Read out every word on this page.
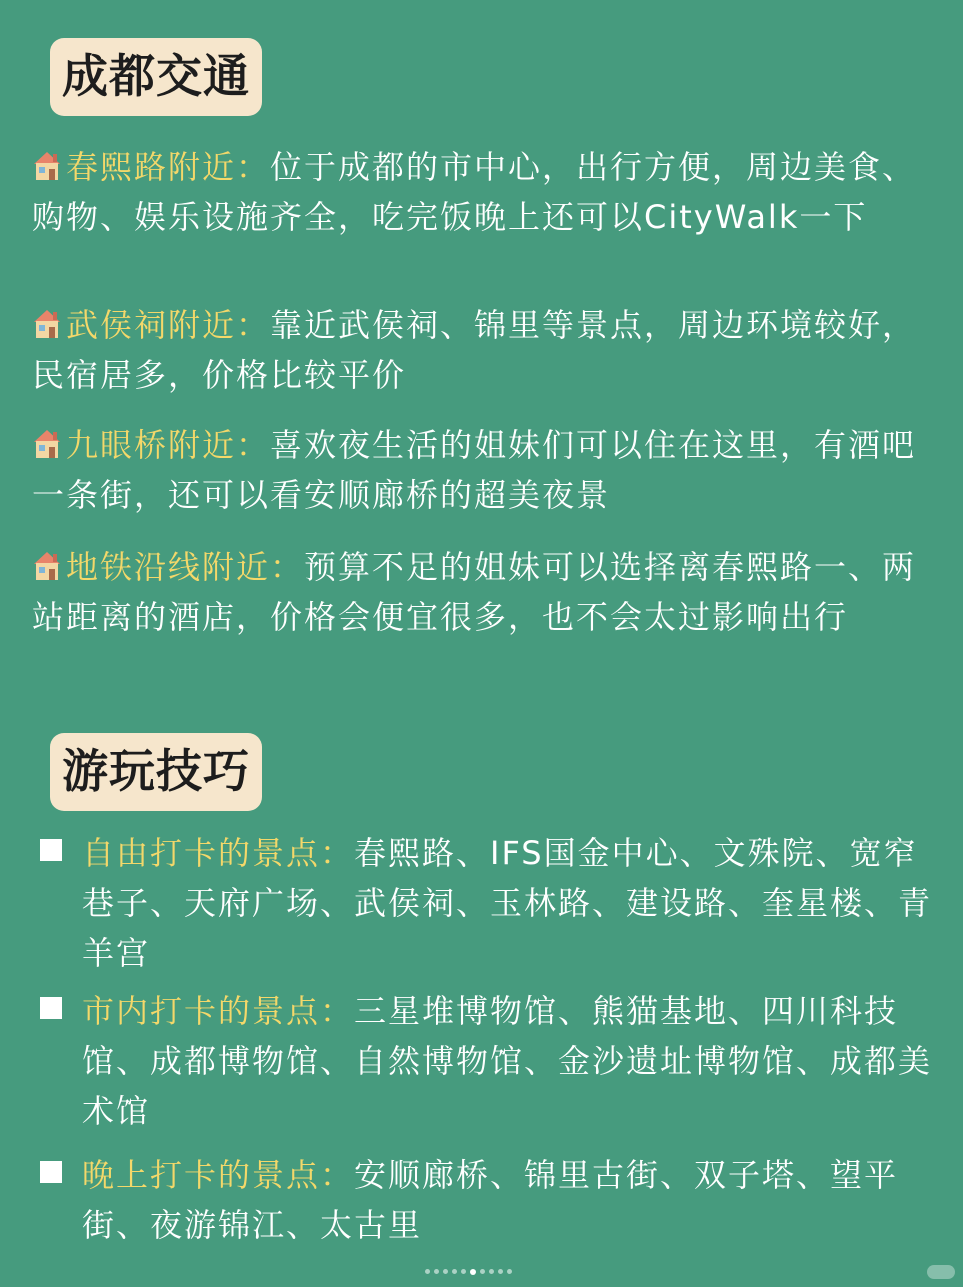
成都交通
春熙路附近：位于成都的市中心，出行方便，周边美食、购物、娱乐设施齐全，吃完饭晚上还可以CityWalk一下
武侯祠附近：靠近武侯祠、锦里等景点，周边环境较好，民宿居多，价格比较平价
九眼桥附近：喜欢夜生活的姐妹们可以住在这里，有酒吧一条街，还可以看安顺廊桥的超美夜景
地铁沿线附近：预算不足的姐妹可以选择离春熙路一、两站距离的酒店，价格会便宜很多，也不会太过影响出行
游玩技巧
自由打卡的景点：春熙路、IFS国金中心、文殊院、宽窄巷子、天府广场、武侯祠、玉林路、建设路、奎星楼、青羊宫
市内打卡的景点：三星堆博物馆、熊猫基地、四川科技馆、成都博物馆、自然博物馆、金沙遗址博物馆、成都美术馆
晚上打卡的景点：安顺廊桥、锦里古街、双子塔、望平街、夜游锦江、太古里
